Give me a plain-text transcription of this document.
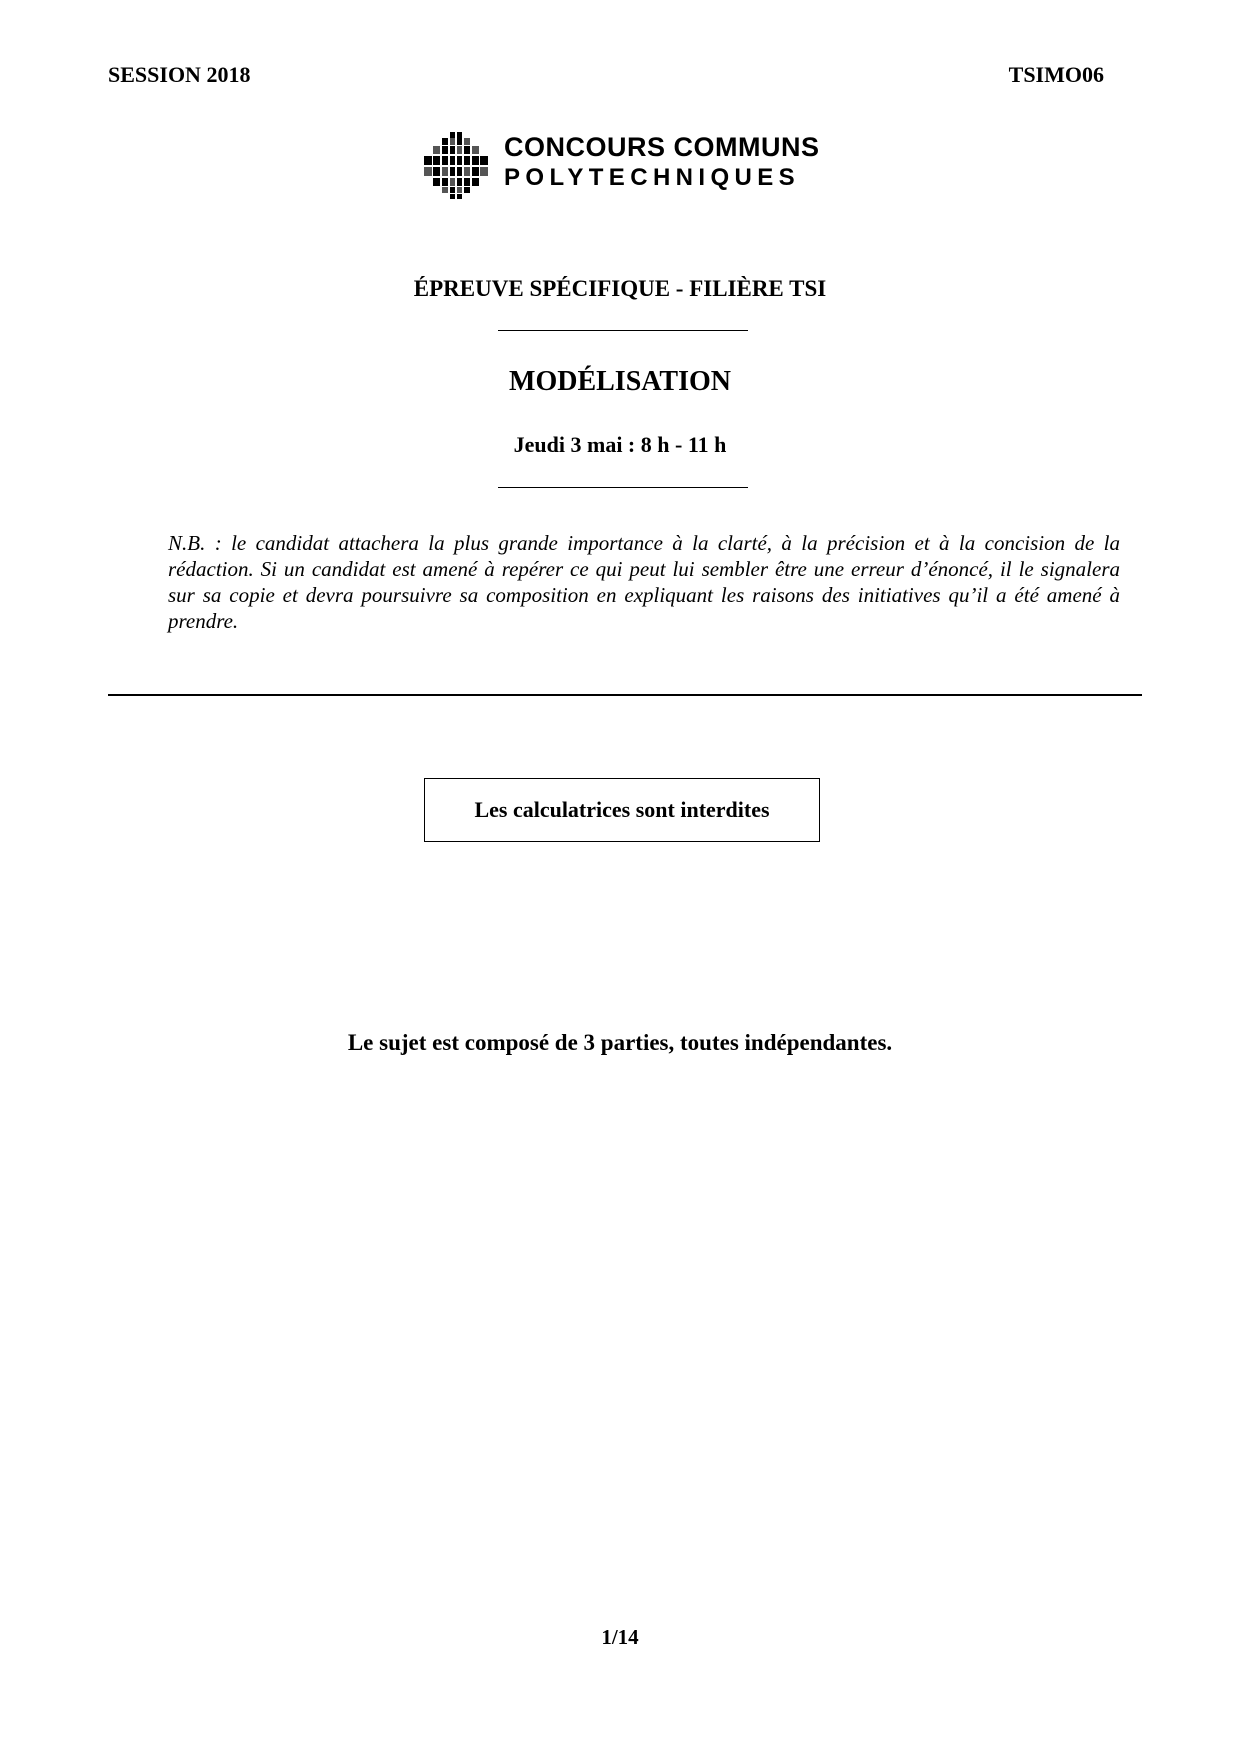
SESSION 2018	TSIMO06
CONCOURS COMMUNS
POLYTECHNIQUES
ÉPREUVE SPÉCIFIQUE - FILIÈRE TSI
MODÉLISATION
Jeudi 3 mai : 8 h - 11 h
N.B. : le candidat attachera la plus grande importance à la clarté, à la précision et à la concision de la rédaction. Si un candidat est amené à repérer ce qui peut lui sembler être une erreur d’énoncé, il le signalera sur sa copie et devra poursuivre sa composition en expliquant les raisons des initiatives qu’il a été amené à prendre.
Les calculatrices sont interdites
Le sujet est composé de 3 parties, toutes indépendantes.
1/14
